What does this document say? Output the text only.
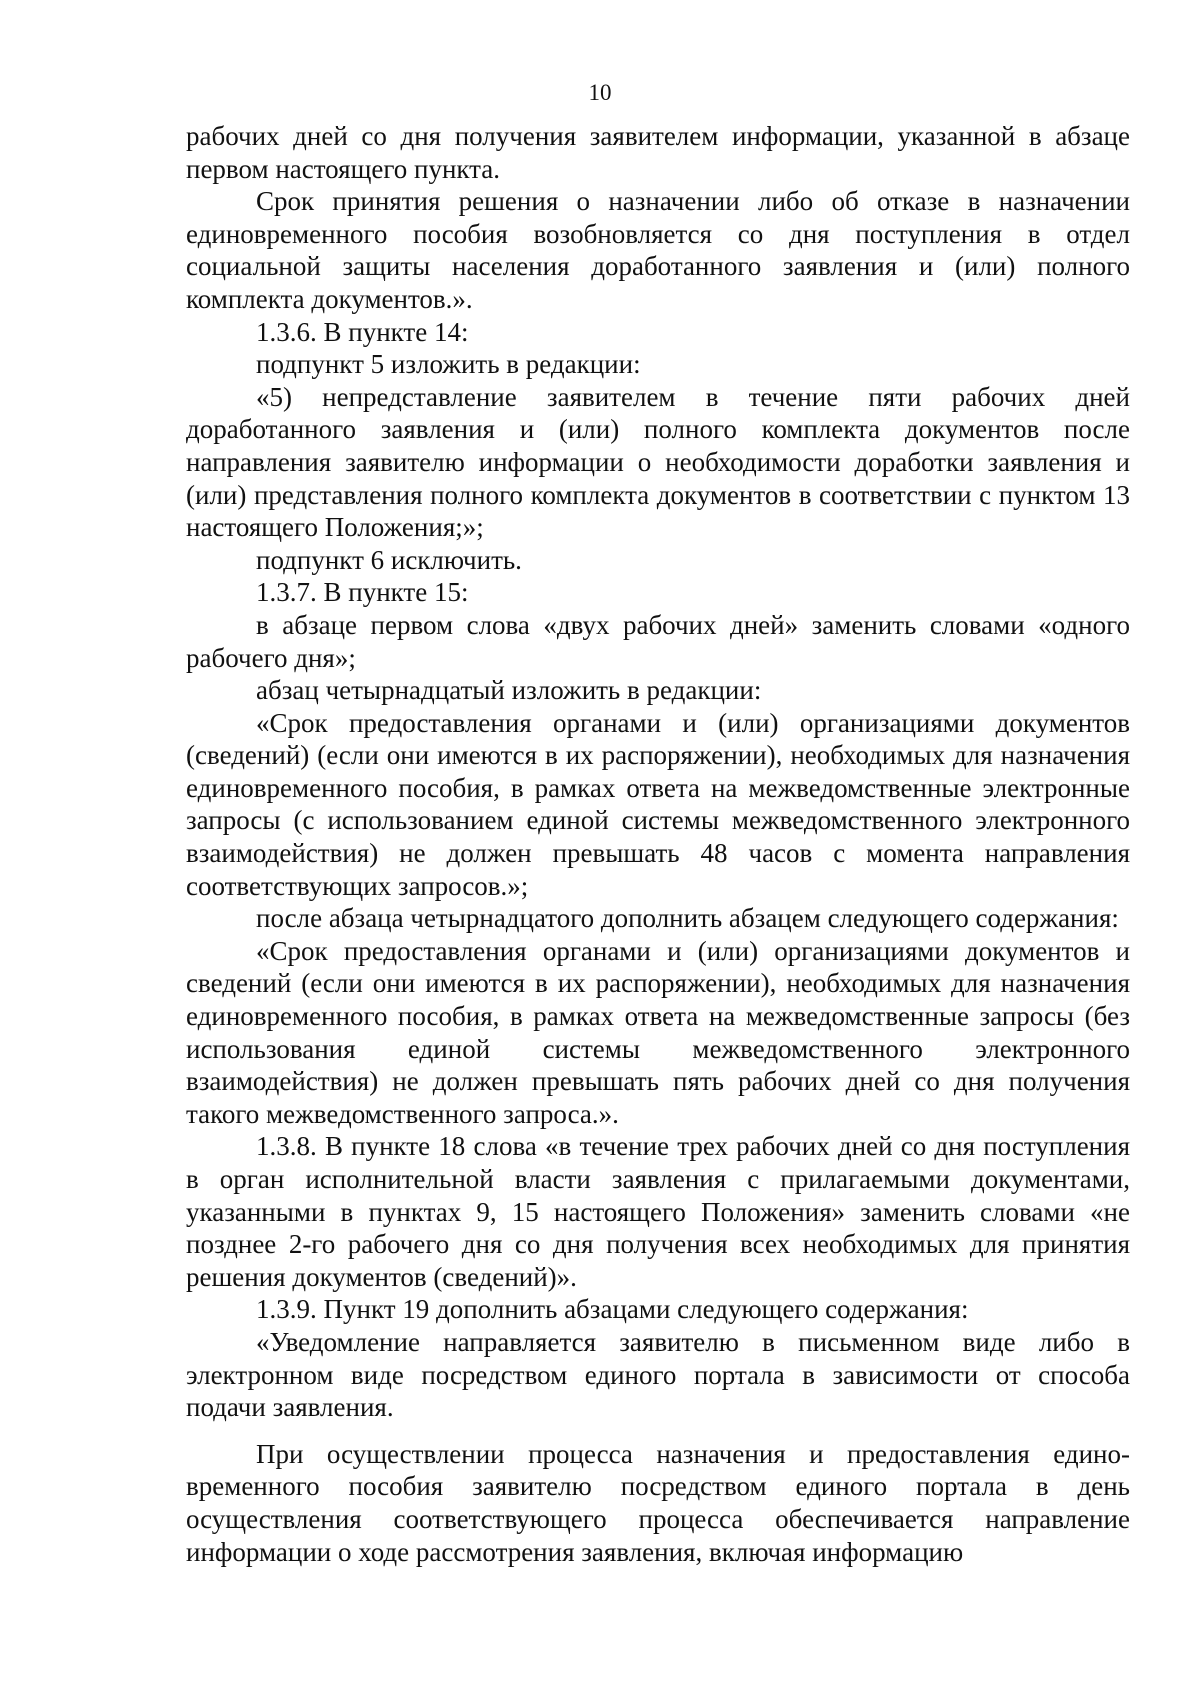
10

рабочих дней со дня получения заявителем информации, указанной в абзаце первом настоящего пункта.

Срок принятия решения о назначении либо об отказе в назначении единовременного пособия возобновляется со дня поступления в отдел социальной защиты населения доработанного заявления и (или) полного комплекта документов.».

1.3.6. В пункте 14:

подпункт 5 изложить в редакции:

«5) непредставление заявителем в течение пяти рабочих дней доработанного заявления и (или) полного комплекта документов после направления заявителю информации о необходимости доработки заявления и (или) представления полного комплекта документов в соответствии с пунктом 13 настоящего Положения;»;

подпункт 6 исключить.

1.3.7. В пункте 15:

в абзаце первом слова «двух рабочих дней» заменить словами «одного рабочего дня»;

абзац четырнадцатый изложить в редакции:

«Срок предоставления органами и (или) организациями документов (сведений) (если они имеются в их распоряжении), необходимых для назначения единовременного пособия, в рамках ответа на межведомственные электронные запросы (с использованием единой системы межведомственного электронного взаимодействия) не должен превышать 48 часов с момента направления соответствующих запросов.»;

после абзаца четырнадцатого дополнить абзацем следующего содержания:

«Срок предоставления органами и (или) организациями документов и сведений (если они имеются в их распоряжении), необходимых для назначения единовременного пособия, в рамках ответа на межведомственные запросы (без использования единой системы межведомственного электронного взаимодействия) не должен превышать пять рабочих дней со дня получения такого межведомственного запроса.».

1.3.8. В пункте 18 слова «в течение трех рабочих дней со дня поступления в орган исполнительной власти заявления с прилагаемыми документами, указанными в пунктах 9, 15 настоящего Положения» заменить словами «не позднее 2-го рабочего дня со дня получения всех необходимых для принятия решения документов (сведений)».

1.3.9. Пункт 19 дополнить абзацами следующего содержания:

«Уведомление направляется заявителю в письменном виде либо в электронном виде посредством единого портала в зависимости от способа подачи заявления.

При осуществлении процесса назначения и предоставления единовременного пособия заявителю посредством единого портала в день осуществления соответствующего процесса обеспечивается направление информации о ходе рассмотрения заявления, включая информацию
